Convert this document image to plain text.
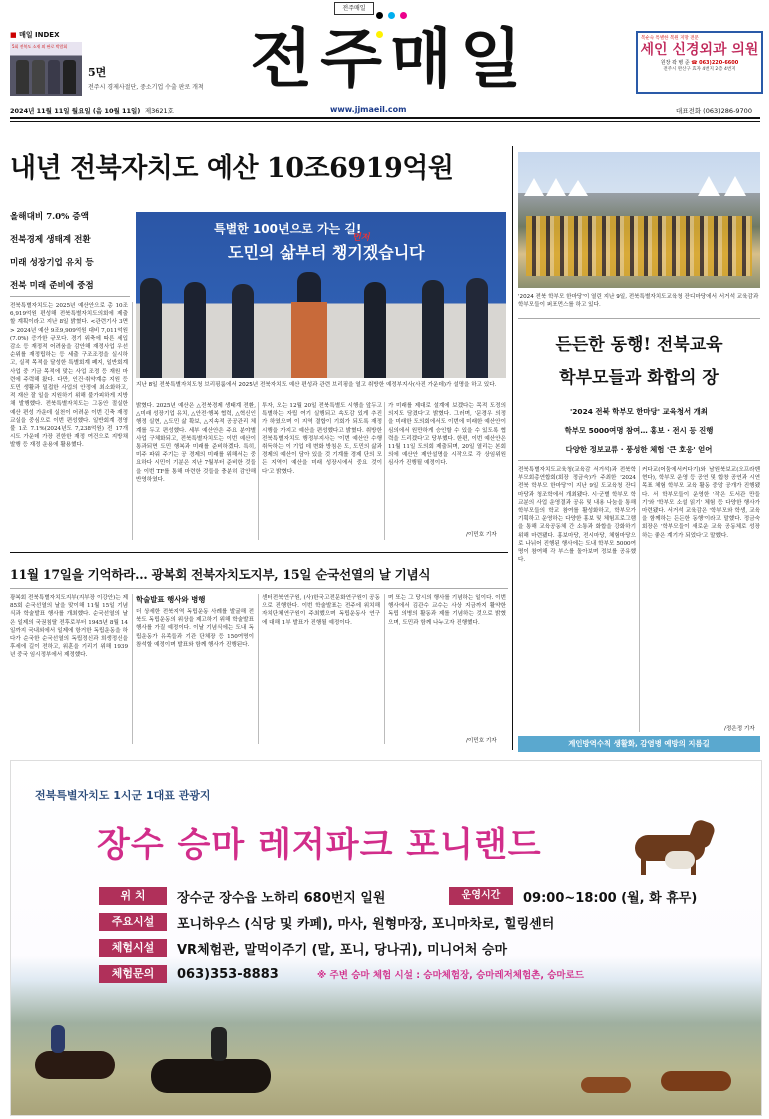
전주매일

■ 매일 INDEX
5회 전북도 소재 외 판로 박람회
5면
전주시 경제사절단, 중소기업 수출 판로 개척 전주매일	복순숙 특별한 복원 지망 전문
세인 신경외과 의원
원장 곽 병 준 ☎ 063)220-6600
전주시 완산구 효자 4번지 2층 4번지
2024년 11월 11일 월요일 (음 10월 11일) 제3621호	www.jjmaeil.com	대표전화 (063)286-9700
내년 전북자치도 예산 10조6919억원
올해대비 7.0% 증액
전북경제 생태계 전환
미래 성장기업 유치 등
전북 미래 준비에 중점
특별한 100년으로 가는 길!
도민의 삶부터 챙기겠습니다
먼저
지난 8일 전북특별자치도청 브리핑룸에서 2025년 전북자치도 예산 편성과 관련 브리핑을 열고 취방한 예정부지사(사진 가운데)가 설명을 하고 있다.

전북특별자치도는 2025년 예산안으로 총 10조6,919억원 편성해 전북특별자치도의회에 제출할 계획이라고 지난 8일 밝혔다. <관련기사 3면> 2024년 예산 9조9,909억원 대비 7,011억원(7.0%) 증가한 규모다. 경기 위축에 따른 세입 감소 등 재정적 어려움을 감안해 재정사업 우선순위를 재정립하는 등 세출 구조조정을 실시하고, 실적 목적을 달성한 특별회계 폐지, 일반회계 사업 중 기금 목적에 맞는 사업 조정 등 재원 마련에 주력해 왔다. 다만, 인건·취약계층 지원 등 도민 생활과 밀접한 사업의 안정에 최소화하고, 적 재산 잘 일을 지원하기 위해 불가피하게 지방채 발행했다. 전북특별자치도는 그동안 절실한 예산 편성 가운데 실천이 어려운 이번 긴축 재정 교실을 중심으로 이번 편성했다. 일반회계 경영 불 1조 7.1%(2024년도 7,238억원) 전 17개 시도 가운데 가장 진한한 재정 여건으로 지방채 발행 등 재정 운용에 활용했다.

밝혔다. 2025년 예산은 △전북경제 생태계 전환, △미래 성장기업 유치, △안전·행복 협력, △혁신인 행정 실현, △도민 삶 확보, △지속적 공공관리 체계를 두고 편성했다. 세부 예산안은 주요 분야별 사업 구체화되고, 전북특별자치도는 이번 예산이 통과되면 도민 행복과 미래를 준비하겠다. 특히, 미주 파워 주기는 공 경제의 미래를 위해서는 중요하다 시민이 기분은 지난 7월부터 준비한 것들을 이번 TF를 통해 마련한 것들을 충분히 감안해 반영하였다.

투자, 오는 12월 20일 전북특별도 시행을 앞두고 특별하는 자립 여기 실행되고 속도감 있게 추진 가 하였으며 이 지역 결합이 기회가 되도록 재정 시행을 가지고 예산을 편성했다고 밝혔다. 취방한 전북특별자치도 행정부지사는 '이번 예산안 수행 취득하는 이 기업 데 변화 방침은 도, 도민의 삶과 경제의 예산이 담아 있을 것 기계를 경제 단의 모든 지역이 예산을 미래 성장시에서 중요 것이다'고 밝혔다.

가 미래를 제대로 설계에 보겠다는 목적 도정의 의지도 담겼다'고 밝혔다. 그러며, '문경우 의정을 미래한 도의회에서도 이번에 미래한 예산안이 심의에서 원만하게 승인할 수 있을 수 있도록 협력을 드리겠다'고 당부했다. 한편, 이번 예산안은 11월 11일 도의회 제출되며, 20일 열리는 본회의에 예산안 제안설명을 시작으로 각 상임위원 심사가 진행될 예정이다.

/이민호 기자
'2024 전북 학부모 한마당'이 열린 지난 9일, 전북특별자치도교육청 잔디마당에서 서거석 교육감과 학부모들이 퍼포먼스를 하고 있다.
든든한 동행! 전북교육
학부모들과 화합의 장
'2024 전북 학부모 한마당' 교육청서 개최
학부모 5000여명 참여… 홍보 · 전시 등 진행
다양한 정보교류 · 풍성한 체험 '큰 호응' 얻어

전북특별자치도교육청(교육감 서거석)과 전북학부모회총연합회(회장 정금숙)가 주최한 '2024 전북 학부모 한마당'이 지난 9일 도교육청 잔디마당과 청조학에서 개최됐다. 시·군별 학부모 학교분의 사업 운영결과 공유 및 내용 나눔을 통해 학부모들의 학교 참여를 활성화하고, 학부모가 기획하고 운영하는 다양한 홍보 및 체험프로그램을 통해 교육공동체 간 소통과 화합을 강화하기 위해 마련됐다. 홍보마당, 전시마당, 체험마당으로 나뉘어 진행된 행사에는 도내 학부모 5000여명이 참여해 각 부스를 돌아보며 정보를 공유했다.

커다교(어둠에서커다기)와 남원북보교(오프라벤현다), 학부모 운영 등 공연 및 합창 공연과 시연 목표 체험 학부모 교육 활동 중앙 공개가 진행됐다. 서 학부모들이 운영한 '작은 도서관 만들기'와 '학부모 소설 읽기' 체험 등 다양한 행사가 마련됐다. 서거석 교육감은 '학부모와 학생, 교육을 함께하는 든든한 동행'이라고 말했다. 정금숙 회장은 '학부모들이 새로운 교육 공동체로 성장하는 좋은 계기가 되었다'고 말했다.

/정은정 기자
11월 17일을 기억하라… 광복회 전북자치도지부, 15일 순국선열의 날 기념식

광복회 전북특별자치도지부(지부장 이강안)는 제85회 순국선열의 날을 맞이해 11월 15일 기념식과 학술발표 행사를 개최했다. 순국선열의 날은 일제의 국권침탈 전후로부터 1945년 8월 14일까지 국내외에서 일제에 항거한 독립운동을 하다가 순국한 순국선열의 독립정신과 희생정신을 후세에 길이 전하고, 위훈을 기리기 위해 1939년 중국 임시정부에서 제정했다.

학술발표 행사와 병행

더 상세한 전북지역 독립운동 사례를 발굴해 전북도 독립운동의 위상을 제고하기 위해 학술발표 행사를 가질 예정이다. 이날 기념식에는 도내 독립운동가 유족들과 기관 단체장 등 150여명이 참석할 예정이며 발표와 함께 행사가 진행된다.

센터전북연구원, (사)한국고전문화연구원이 공동으로 진행한다. 이번 학술발표는 전주에 위치해 자치단체연구원이 주최했으며 독립운동사 연구에 대해 1부 발표가 진행될 예정이다.

며 또는 그 당시의 행사를 기념하는 일이다. 이번 행사에서 김관수 교수는 사상 지금까지 활약한 독립 의병의 활동과 제를 기념하는 것으로 밝혔으며, 도민과 함께 나누고자 진행했다.

/이민호 기자	계인방역수칙 생활화, 감염병 예방의 지름길
전북특별자치도 1시군 1대표 관광지
장수 승마 레저파크 포니랜드
위 치	장수군 장수읍 노하리 680번지 일원	운영시간	09:00~18:00 (월, 화 휴무)
주요시설	포니하우스 (식당 및 카페), 마사, 원형마장, 포니마차로, 힐링센터
체험시설	VR체험관, 말먹이주기 (말, 포니, 당나귀), 미니어처 승마
체험문의	063)353-8883	※ 주변 승마 체험 시설 : 승마체험장, 승마레저체험촌, 승마로드
